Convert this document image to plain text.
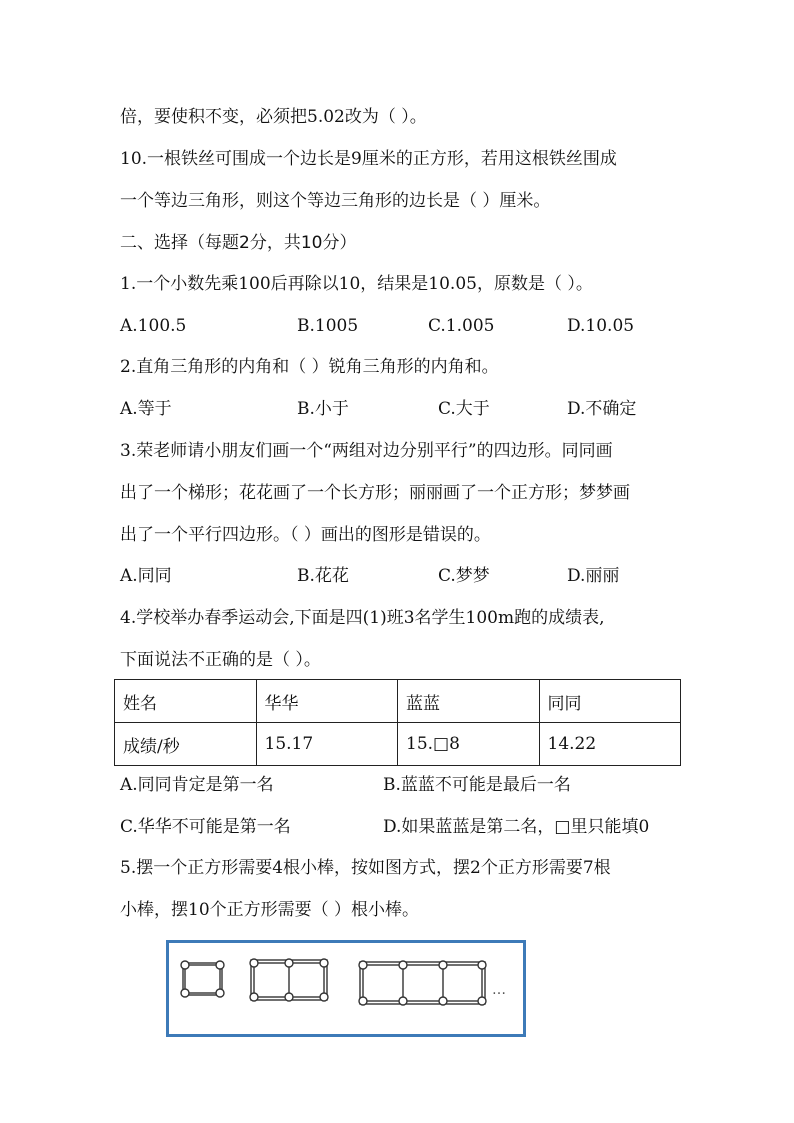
倍，要使积不变，必须把5.02改为（ ）。
10.一根铁丝可围成一个边长是9厘米的正方形，若用这根铁丝围成
一个等边三角形，则这个等边三角形的边长是（ ）厘米。
二、选择（每题2分，共10分）
1.一个小数先乘100后再除以10，结果是10.05，原数是（ ）。
A.100.5	B.1005	C.1.005	D.10.05
2.直角三角形的内角和（ ）锐角三角形的内角和。
A.等于	B.小于	C.大于	D.不确定
3.荣老师请小朋友们画一个“两组对边分别平行”的四边形。同同画
出了一个梯形；花花画了一个长方形；丽丽画了一个正方形；梦梦画
出了一个平行四边形。（ ）画出的图形是错误的。
A.同同	B.花花	C.梦梦	D.丽丽
4.学校举办春季运动会,下面是四(1)班3名学生100m跑的成绩表,
下面说法不正确的是（ ）。
姓名	华华	蓝蓝	同同
成绩/秒	15.17	15.□8	14.22
A.同同肯定是第一名	B.蓝蓝不可能是最后一名
C.华华不可能是第一名	D.如果蓝蓝是第二名，□里只能填0
5.摆一个正方形需要4根小棒，按如图方式，摆2个正方形需要7根
小棒，摆10个正方形需要（ ）根小棒。
…
